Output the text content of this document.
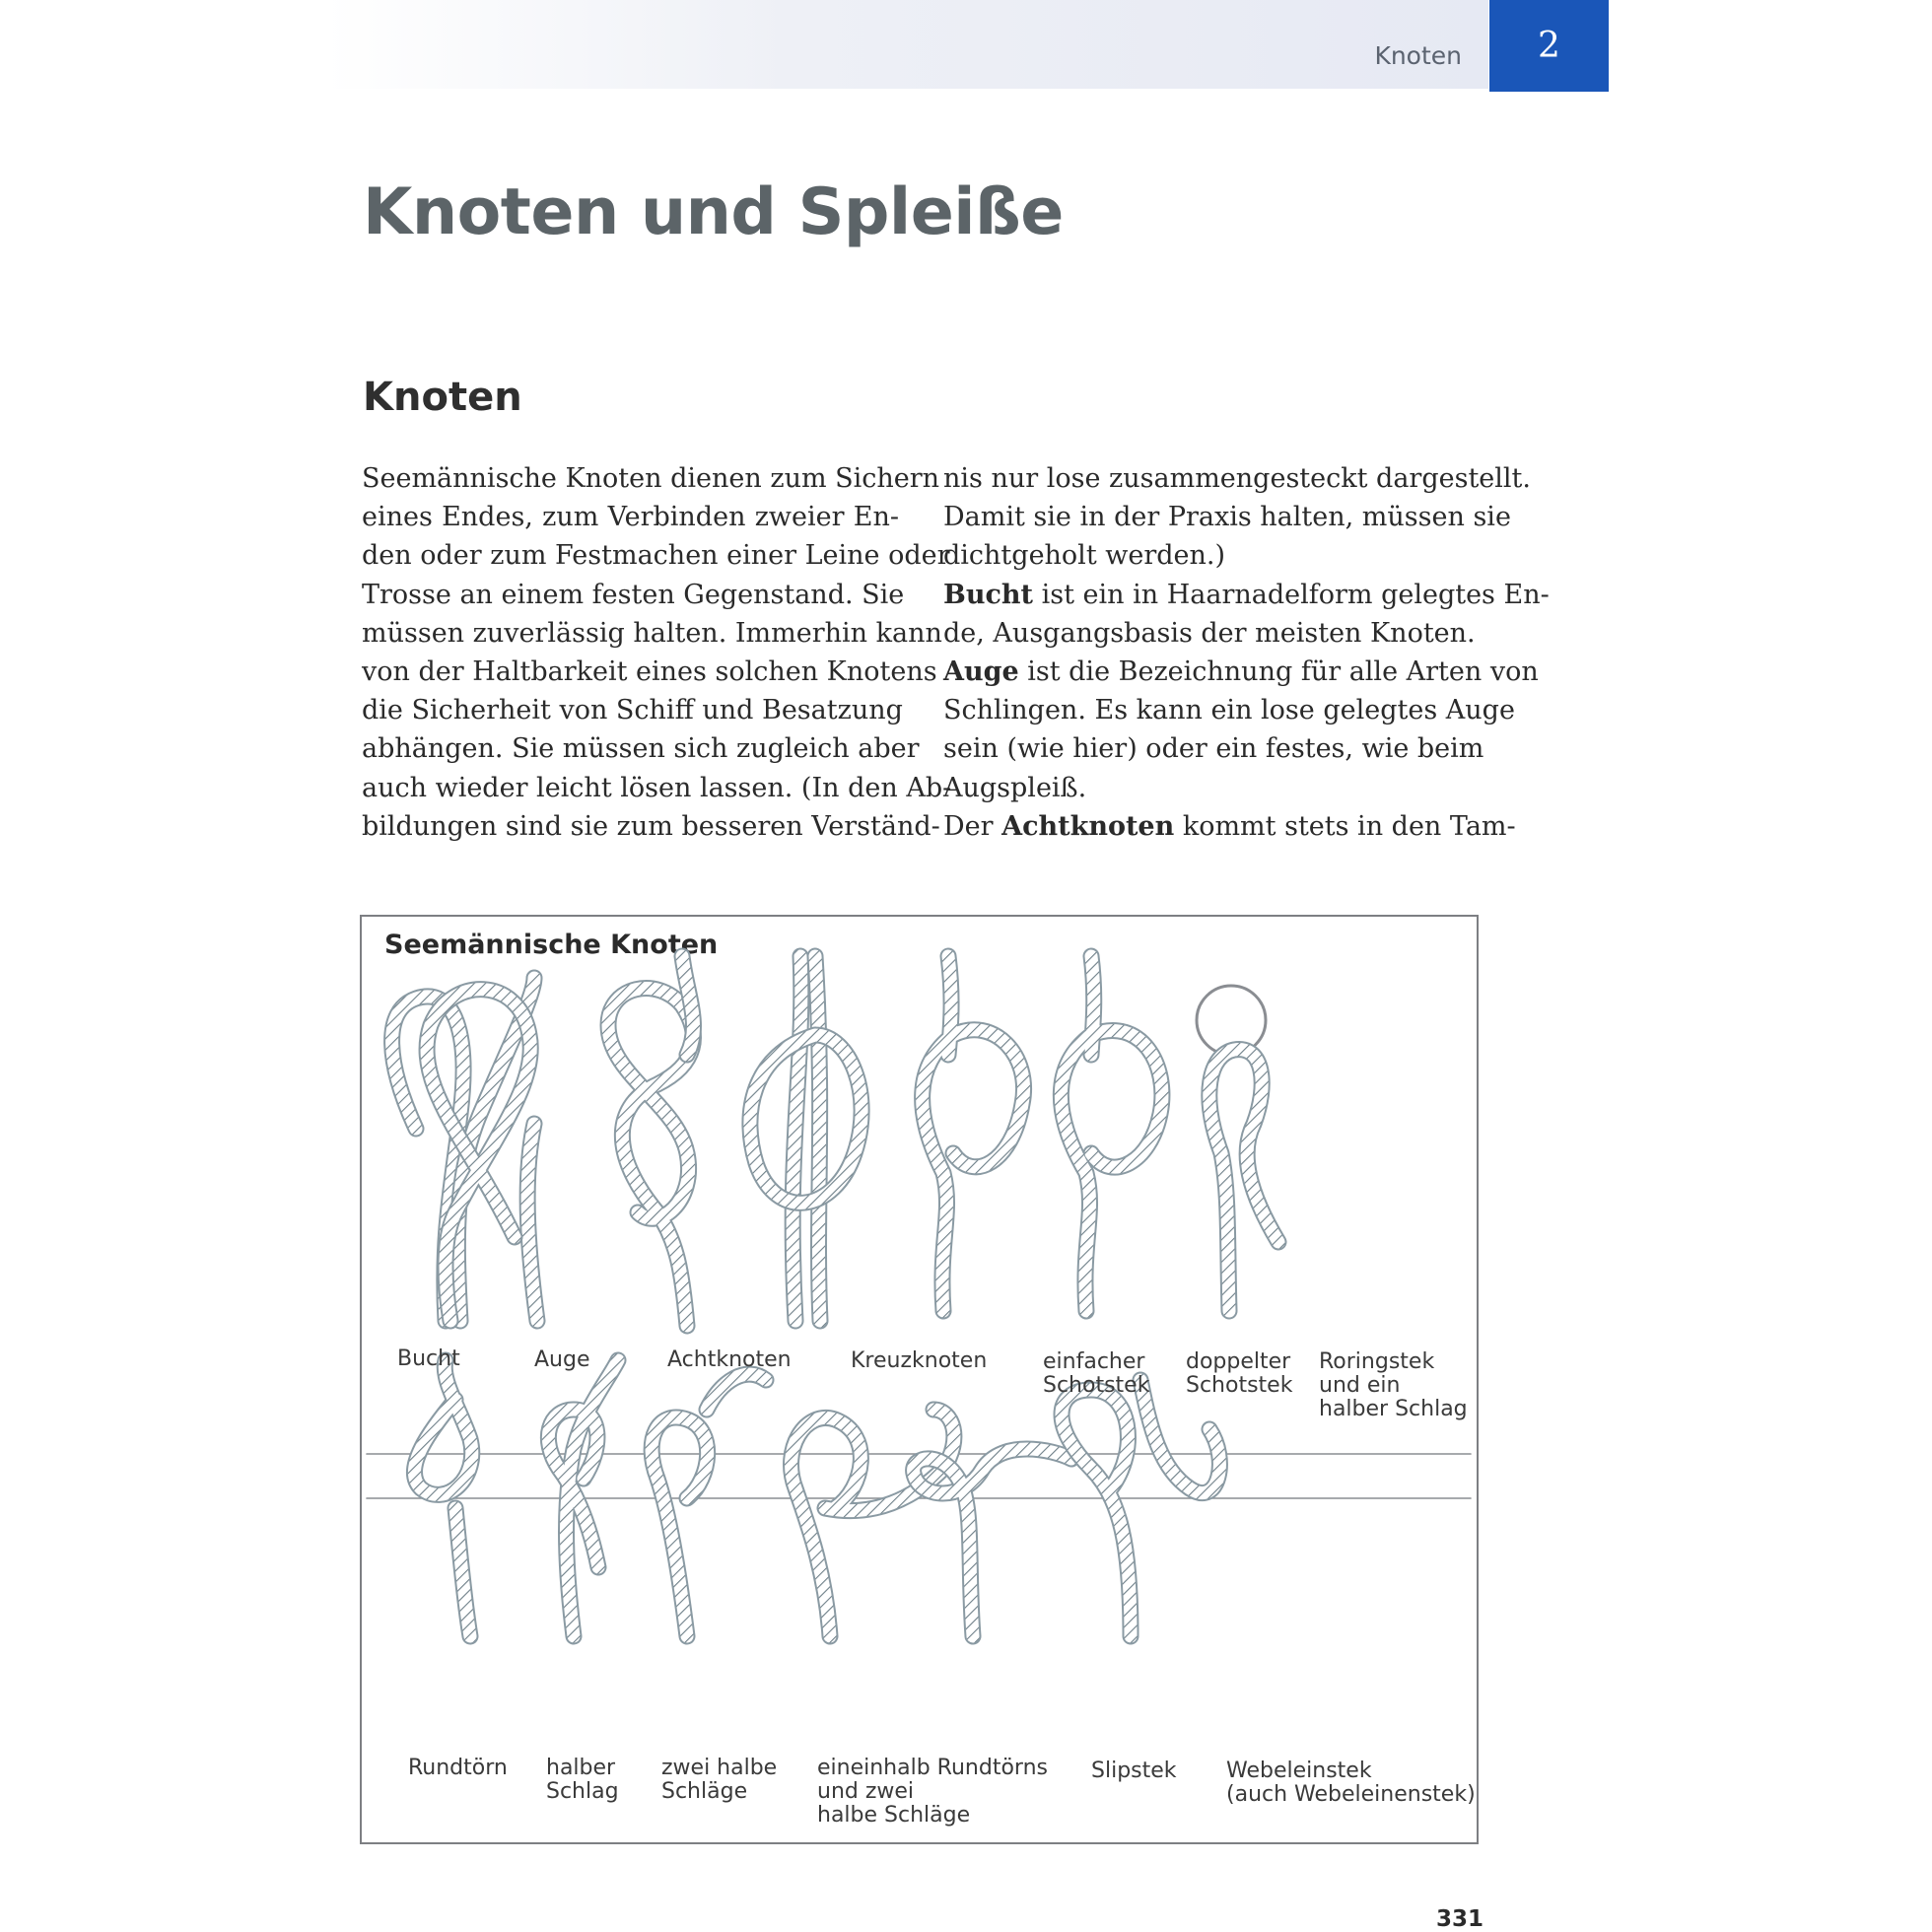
Knoten	2
Knoten und Spleiße
Knoten
Seemännische Knoten dienen zum Sichern
eines Endes, zum Verbinden zweier En-
den oder zum Festmachen einer Leine oder
Trosse an einem festen Gegenstand. Sie
müssen zuverlässig halten. Immerhin kann
von der Haltbarkeit eines solchen Knotens
die Sicherheit von Schiff und Besatzung
abhängen. Sie müssen sich zugleich aber
auch wieder leicht lösen lassen. (In den Ab-
bildungen sind sie zum besseren Verständ-
nis nur lose zusammengesteckt dargestellt.
Damit sie in der Praxis halten, müssen sie
dichtgeholt werden.)
Bucht ist ein in Haarnadelform gelegtes En-
de, Ausgangsbasis der meisten Knoten.
Auge ist die Bezeichnung für alle Arten von
Schlingen. Es kann ein lose gelegtes Auge
sein (wie hier) oder ein festes, wie beim
Augspleiß.
Der Achtknoten kommt stets in den Tam-
Seemännische Knoten
Bucht	Auge	Achtknoten	Kreuzknoten	einfacher
Schotstek
doppelter
Schotstek
Roringstek
und ein
halber Schlag
Rundtörn halber
Schlag
zwei halbe
Schläge
eineinhalb Rundtörns
und zwei
halbe Schläge
Slipstek Webeleinstek
(auch Webeleinenstek)
331
